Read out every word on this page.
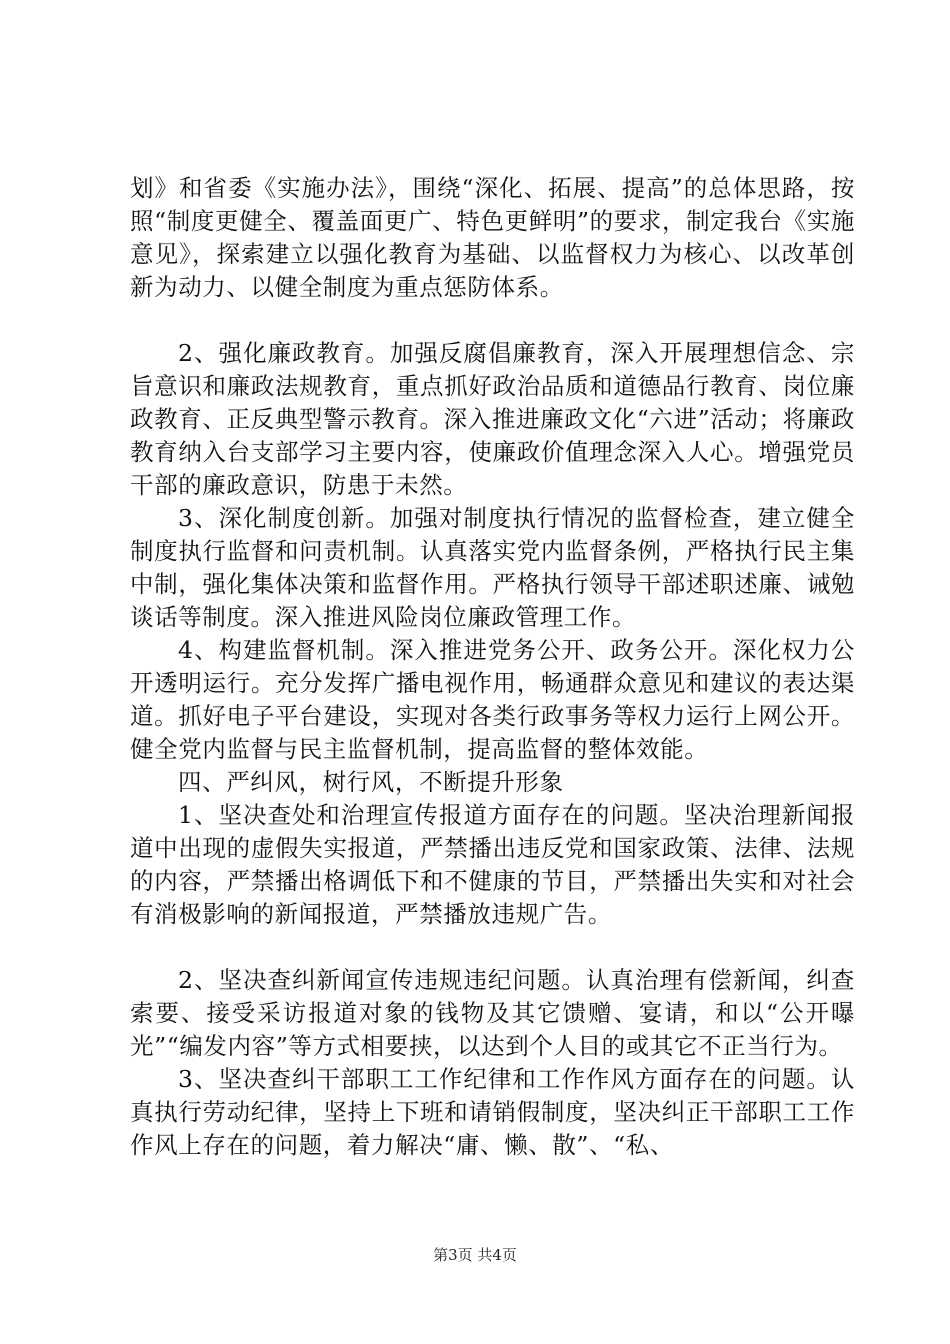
划》和省委《实施办法》，围绕“深化、拓展、提高”的总体思路，按照“制度更健全、覆盖面更广、特色更鲜明”的要求，制定我台《实施意见》，探索建立以强化教育为基础、以监督权力为核心、以改革创新为动力、以健全制度为重点惩防体系。

2、强化廉政教育。加强反腐倡廉教育，深入开展理想信念、宗旨意识和廉政法规教育，重点抓好政治品质和道德品行教育、岗位廉政教育、正反典型警示教育。深入推进廉政文化“六进”活动；将廉政教育纳入台支部学习主要内容，使廉政价值理念深入人心。增强党员干部的廉政意识，防患于未然。

3、深化制度创新。加强对制度执行情况的监督检查，建立健全制度执行监督和问责机制。认真落实党内监督条例，严格执行民主集中制，强化集体决策和监督作用。严格执行领导干部述职述廉、诫勉谈话等制度。深入推进风险岗位廉政管理工作。

4、构建监督机制。深入推进党务公开、政务公开。深化权力公开透明运行。充分发挥广播电视作用，畅通群众意见和建议的表达渠道。抓好电子平台建设，实现对各类行政事务等权力运行上网公开。健全党内监督与民主监督机制，提高监督的整体效能。

四、严纠风，树行风，不断提升形象

1、坚决查处和治理宣传报道方面存在的问题。坚决治理新闻报道中出现的虚假失实报道，严禁播出违反党和国家政策、法律、法规的内容，严禁播出格调低下和不健康的节目，严禁播出失实和对社会有消极影响的新闻报道，严禁播放违规广告。

2、坚决查纠新闻宣传违规违纪问题。认真治理有偿新闻，纠查索要、接受采访报道对象的钱物及其它馈赠、宴请，和以“公开曝光”“编发内容”等方式相要挟，以达到个人目的或其它不正当行为。

3、坚决查纠干部职工工作纪律和工作作风方面存在的问题。认真执行劳动纪律，坚持上下班和请销假制度，坚决纠正干部职工工作作风上存在的问题，着力解决“庸、懒、散”、“私、

第3页 共4页
